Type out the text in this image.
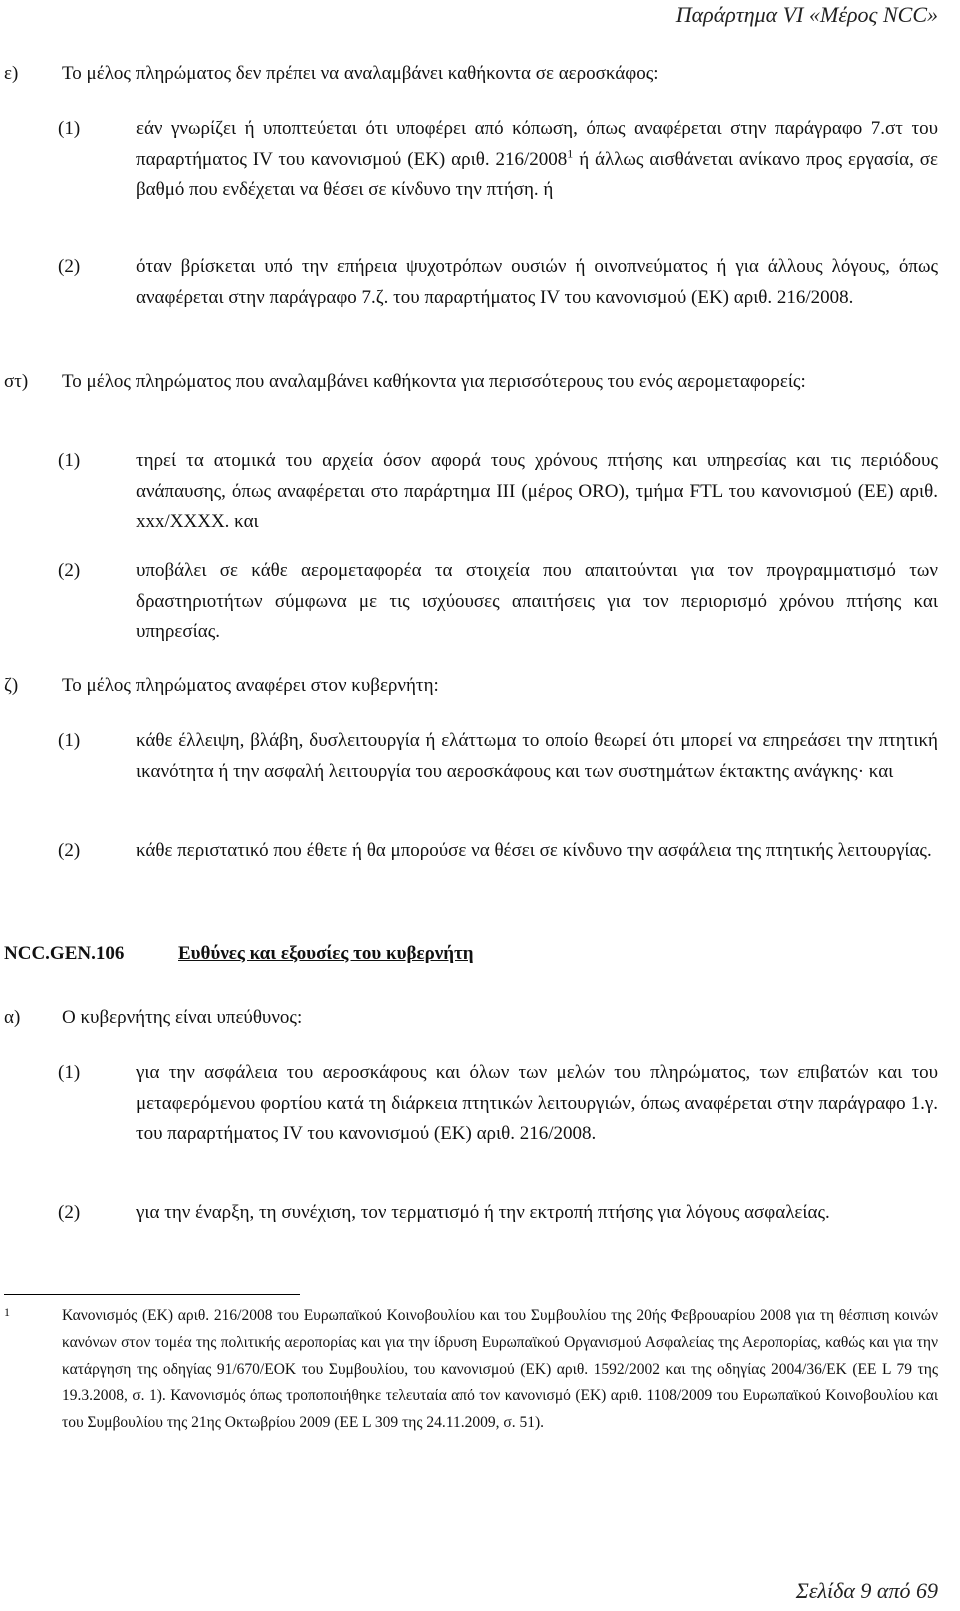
Παράρτημα VI «Μέρος NCC»
ε) Το μέλος πληρώματος δεν πρέπει να αναλαμβάνει καθήκοντα σε αεροσκάφος:
(1)	εάν γνωρίζει ή υποπτεύεται ότι υποφέρει από κόπωση, όπως αναφέρεται στην παράγραφο 7.στ του παραρτήματος IV του κανονισμού (ΕΚ) αριθ. 216/2008$^1$ ή άλλως αισθάνεται ανίκανο προς εργασία, σε βαθμό που ενδέχεται να θέσει σε κίνδυνο την πτήση. ή
(2)	όταν βρίσκεται υπό την επήρεια ψυχοτρόπων ουσιών ή οινοπνεύματος ή για άλλους λόγους, όπως αναφέρεται στην παράγραφο 7.ζ. του παραρτήματος IV του κανονισμού (ΕΚ) αριθ. 216/2008.
στ) Το μέλος πληρώματος που αναλαμβάνει καθήκοντα για περισσότερους του ενός αερομεταφορείς:
(1)	τηρεί τα ατομικά του αρχεία όσον αφορά τους χρόνους πτήσης και υπηρεσίας και τις περιόδους ανάπαυσης, όπως αναφέρεται στο παράρτημα III (μέρος ORO), τμήμα FTL του κανονισμού (ΕΕ) αριθ. xxx/XXXX. και
(2)	υποβάλει σε κάθε αερομεταφορέα τα στοιχεία που απαιτούνται για τον προγραμματισμό των δραστηριοτήτων σύμφωνα με τις ισχύουσες απαιτήσεις για τον περιορισμό χρόνου πτήσης και υπηρεσίας.
ζ) Το μέλος πληρώματος αναφέρει στον κυβερνήτη:
(1)	κάθε έλλειψη, βλάβη, δυσλειτουργία ή ελάττωμα το οποίο θεωρεί ότι μπορεί να επηρεάσει την πτητική ικανότητα ή την ασφαλή λειτουργία του αεροσκάφους και των συστημάτων έκτακτης ανάγκης· και
(2)	κάθε περιστατικό που έθετε ή θα μπορούσε να θέσει σε κίνδυνο την ασφάλεια της πτητικής λειτουργίας.
NCC.GEN.106	Ευθύνες και εξουσίες του κυβερνήτη
α) Ο κυβερνήτης είναι υπεύθυνος:
(1)	για την ασφάλεια του αεροσκάφους και όλων των μελών του πληρώματος, των επιβατών και του μεταφερόμενου φορτίου κατά τη διάρκεια πτητικών λειτουργιών, όπως αναφέρεται στην παράγραφο 1.γ. του παραρτήματος IV του κανονισμού (ΕΚ) αριθ. 216/2008.
(2)	για την έναρξη, τη συνέχιση, τον τερματισμό ή την εκτροπή πτήσης για λόγους ασφαλείας.
1	Κανονισμός (ΕΚ) αριθ. 216/2008 του Ευρωπαϊκού Κοινοβουλίου και του Συμβουλίου της 20ής Φεβρουαρίου 2008 για τη θέσπιση κοινών κανόνων στον τομέα της πολιτικής αεροπορίας και για την ίδρυση Ευρωπαϊκού Οργανισμού Ασφαλείας της Αεροπορίας, καθώς και για την κατάργηση της οδηγίας 91/670/ΕΟΚ του Συμβουλίου, του κανονισμού (ΕΚ) αριθ. 1592/2002 και της οδηγίας 2004/36/ΕΚ (ΕΕ L 79 της 19.3.2008, σ. 1). Κανονισμός όπως τροποποιήθηκε τελευταία από τον κανονισμό (ΕΚ) αριθ. 1108/2009 του Ευρωπαϊκού Κοινοβουλίου και του Συμβουλίου της 21ης Οκτωβρίου 2009 (ΕΕ L 309 της 24.11.2009, σ. 51).
Σελίδα 9 από 69
